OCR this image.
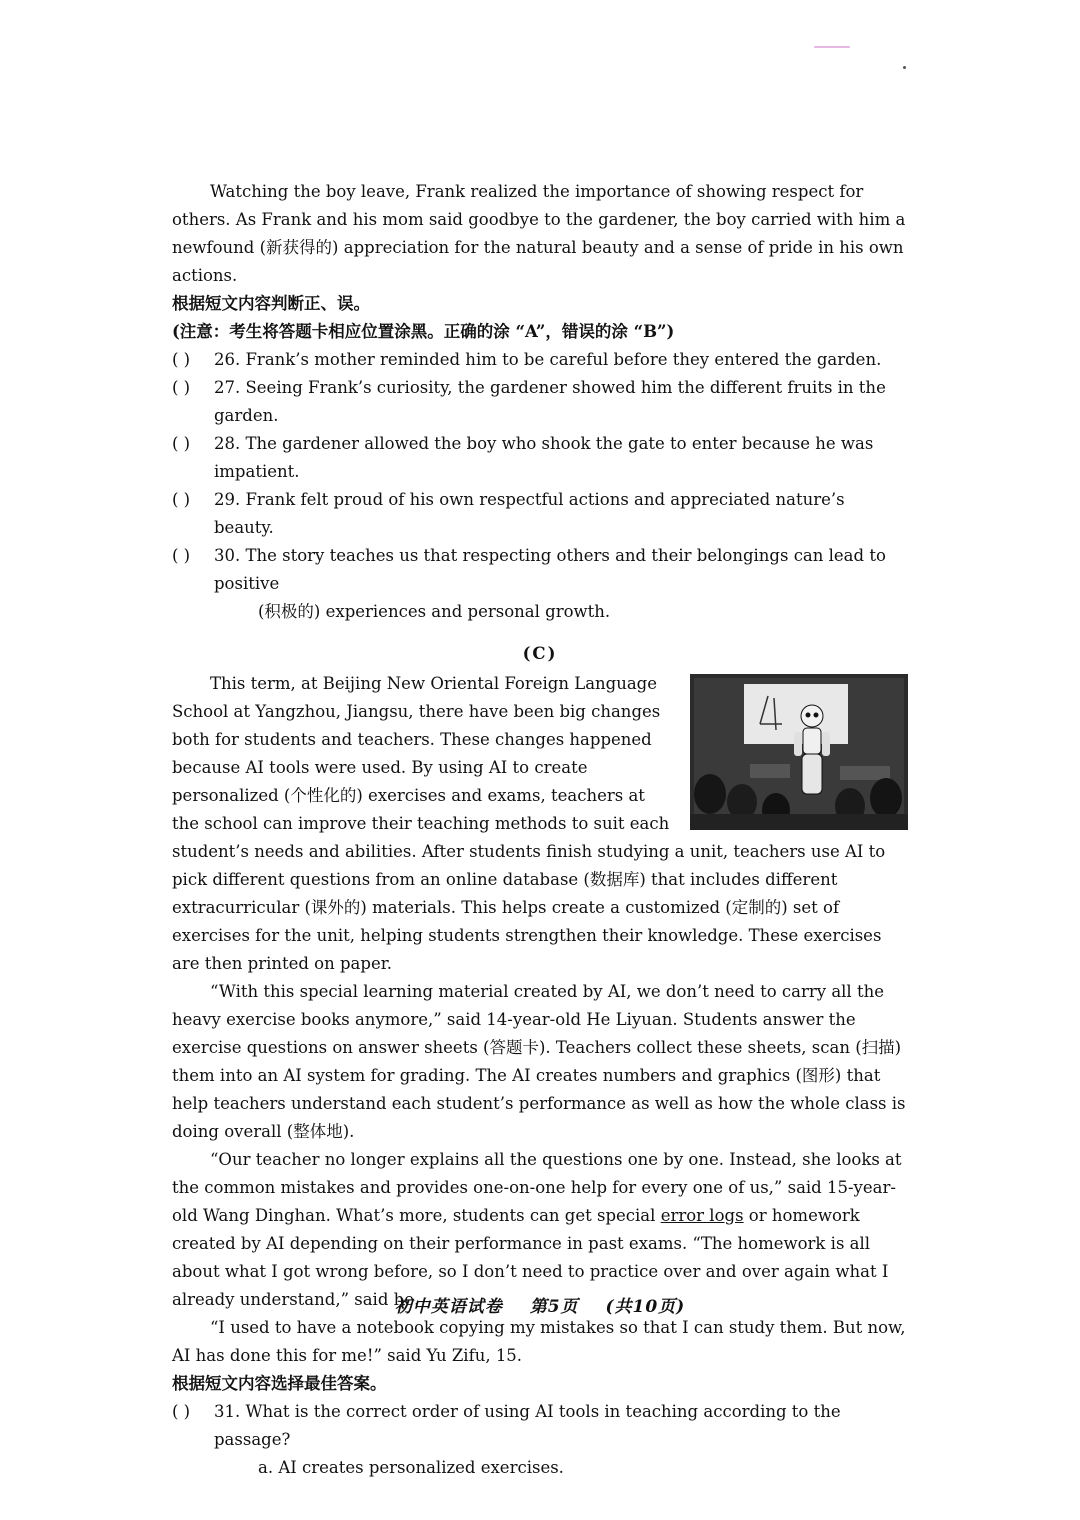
Watching the boy leave, Frank realized the importance of showing respect for others. As Frank and his mom said goodbye to the gardener, the boy carried with him a newfound (新获得的) appreciation for the natural beauty and a sense of pride in his own actions.

根据短文内容判断正、误。

(注意：考生将答题卡相应位置涂黑。正确的涂 “A”，错误的涂 “B”)

( )	26. Frank’s mother reminded him to be careful before they entered the garden.
( )	27. Seeing Frank’s curiosity, the gardener showed him the different fruits in the garden.
( )	28. The gardener allowed the boy who shook the gate to enter because he was impatient.
( )	29. Frank felt proud of his own respectful actions and appreciated nature’s beauty.
( )	30. The story teaches us that respecting others and their belongings can lead to positive

(积极的) experiences and personal growth.

(C)

This term, at Beijing New Oriental Foreign Language School at Yangzhou, Jiangsu, there have been big changes both for students and teachers. These changes happened because AI tools were used. By using AI to create personalized (个性化的) exercises and exams, teachers at the school can improve their teaching methods to suit each student’s needs and abilities. After students finish studying a unit, teachers use AI to pick different questions from an online database (数据库) that includes different extracurricular (课外的) materials. This helps create a customized (定制的) set of exercises for the unit, helping students strengthen their knowledge. These exercises are then printed on paper.

“With this special learning material created by AI, we don’t need to carry all the heavy exercise books anymore,” said 14-year-old He Liyuan. Students answer the exercise questions on answer sheets (答题卡). Teachers collect these sheets, scan (扫描) them into an AI system for grading. The AI creates numbers and graphics (图形) that help teachers understand each student’s performance as well as how the whole class is doing overall (整体地).

“Our teacher no longer explains all the questions one by one. Instead, she looks at the common mistakes and provides one-on-one help for every one of us,” said 15-year-old Wang Dinghan. What’s more, students can get special error logs or homework created by AI depending on their performance in past exams. “The homework is all about what I got wrong before, so I don’t need to practice over and over again what I already understand,” said he.

“I used to have a notebook copying my mistakes so that I can study them. But now, AI has done this for me!” said Yu Zifu, 15.

根据短文内容选择最佳答案。

( )	31. What is the correct order of using AI tools in teaching according to the passage?

a. AI creates personalized exercises.

初中英语试卷 第5页 (共10页)
